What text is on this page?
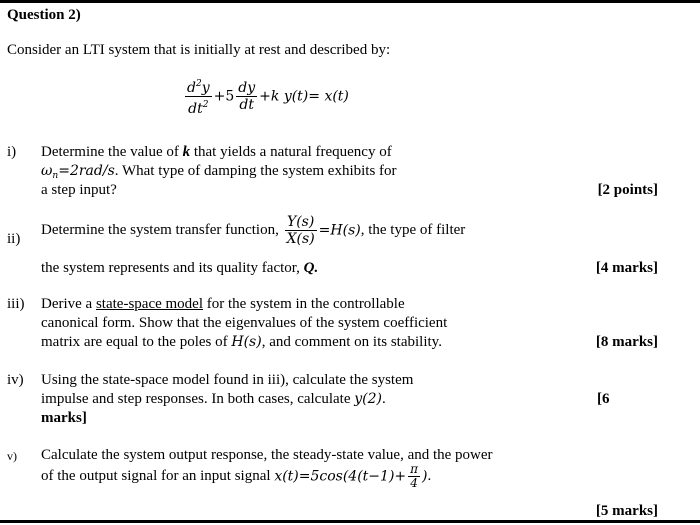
Question 2)
Consider an LTI system that is initially at rest and described by:
$\frac{d^2y}{dt^2} +5 \frac{dy}{dt} +k$ y(t)= x(t)
i) Determine the value of k that yields a natural frequency of
$\omega_n=2rad/s$. What type of damping the system exhibits for
a step input?	[2 points]
ii)
Determine the system transfer function, $\frac{Y(s)}{X(s)} =H(s)$, the type of filter
the system represents and its quality factor, Q.	[4 marks]
iii) Derive a state-space model for the system in the controllable
canonical form. Show that the eigenvalues of the system coefficient
matrix are equal to the poles of H(s), and comment on its stability.	[8 marks]
iv) Using the state-space model found in iii), calculate the system
impulse and step responses. In both cases, calculate y(2).
marks]
[6
v) Calculate the system output response, the steady-state value, and the power
of the output signal for an input signal $x(t)=5\cos(4(t-1)+ \frac{\pi}{4}$ ).
[5 marks]
